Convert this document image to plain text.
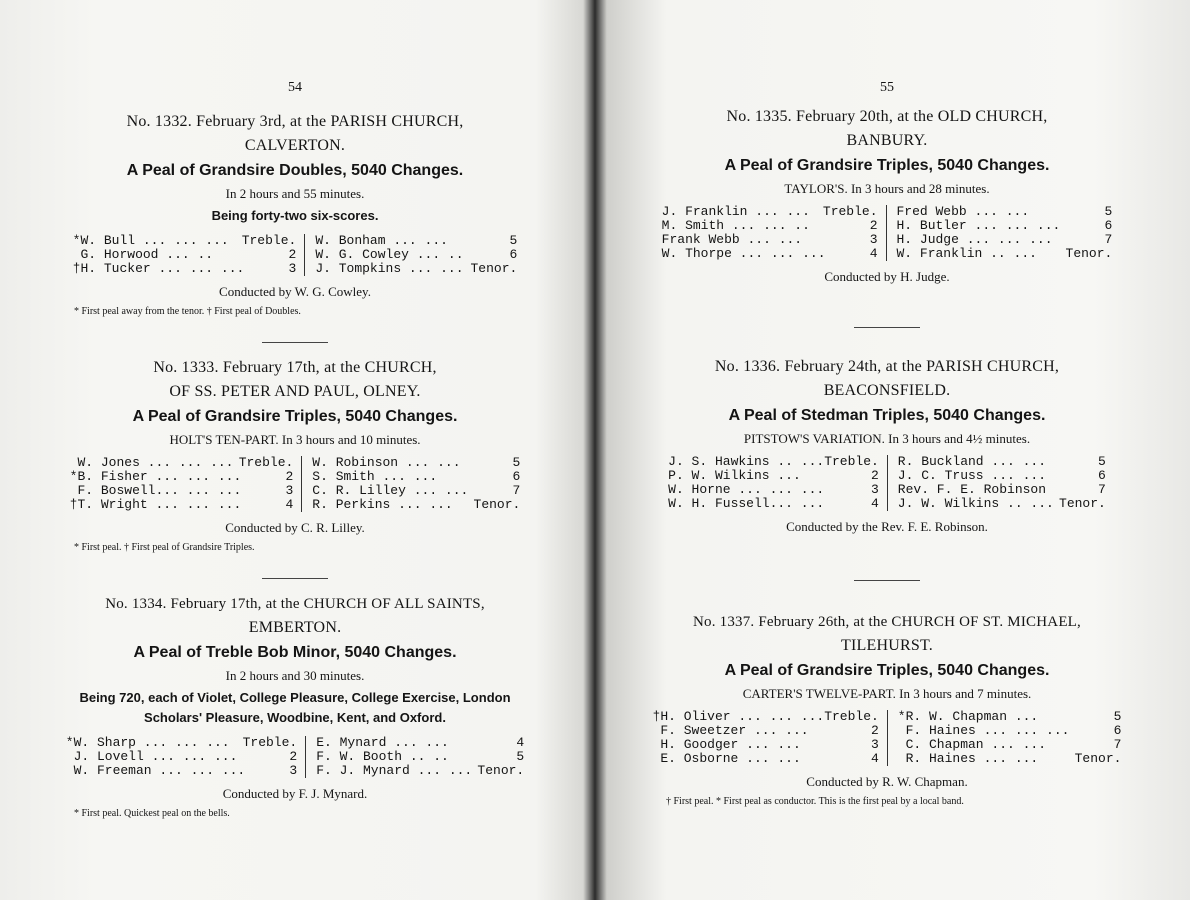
54
No. 1332. February 3rd, at the PARISH CHURCH,
CALVERTON.
A Peal of Grandsire Doubles, 5040 Changes.
In 2 hours and 55 minutes.
Being forty-two six-scores.
*W. Bull ... ... ... Treble.
G. Horwood ... ..	2
†H. Tucker ... ... ...	3
W. Bonham ... ...	5
W. G. Cowley ... ..	6
J. Tompkins ... ... Tenor.
Conducted by W. G. Cowley.
* First peal away from the tenor. † First peal of Doubles.
No. 1333. February 17th, at the CHURCH,
OF SS. PETER AND PAUL, OLNEY.
A Peal of Grandsire Triples, 5040 Changes.
HOLT'S TEN-PART. In 3 hours and 10 minutes.
W. Jones ... ... ... Treble.
*B. Fisher ... ... ...	2
F. Boswell... ... ...	3
†T. Wright ... ... ...	4
W. Robinson ... ...	5
S. Smith ... ...	6
C. R. Lilley ... ...	7
R. Perkins ... ...	Tenor.
Conducted by C. R. Lilley.
* First peal. † First peal of Grandsire Triples.
No. 1334. February 17th, at the CHURCH OF ALL SAINTS,
EMBERTON.
A Peal of Treble Bob Minor, 5040 Changes.
In 2 hours and 30 minutes.
Being 720, each of Violet, College Pleasure, College Exercise, London Scholars' Pleasure, Woodbine, Kent, and Oxford.
*W. Sharp ... ... ... Treble.
J. Lovell ... ... ...	2
W. Freeman ... ... ...	3
E. Mynard ... ...	4
F. W. Booth .. ..	5
F. J. Mynard ... ... Tenor.
Conducted by F. J. Mynard.
* First peal. Quickest peal on the bells.
55
No. 1335. February 20th, at the OLD CHURCH,
BANBURY.
A Peal of Grandsire Triples, 5040 Changes.
TAYLOR'S. In 3 hours and 28 minutes.
J. Franklin ... ... Treble.
M. Smith ... ... ..	2
Frank Webb ... ...	3
W. Thorpe ... ... ...	4
Fred Webb ... ...	5
H. Butler ... ... ...	6
H. Judge ... ... ...	7
W. Franklin .. ...	Tenor.
Conducted by H. Judge.
No. 1336. February 24th, at the PARISH CHURCH,
BEACONSFIELD.
A Peal of Stedman Triples, 5040 Changes.
PITSTOW'S VARIATION. In 3 hours and 4½ minutes.
J. S. Hawkins .. ... Treble.
P. W. Wilkins ...	2
W. Horne ... ... ...	3
W. H. Fussell... ...	4
R. Buckland ... ...	5
J. C. Truss ... ...	6
Rev. F. E. Robinson	7
J. W. Wilkins .. ... Tenor.
Conducted by the Rev. F. E. Robinson.
No. 1337. February 26th, at the CHURCH OF ST. MICHAEL,
TILEHURST.
A Peal of Grandsire Triples, 5040 Changes.
CARTER'S TWELVE-PART. In 3 hours and 7 minutes.
†H. Oliver ... ... ... Treble.
F. Sweetzer ... ...	2
H. Goodger ... ...	3
E. Osborne ... ...	4
*R. W. Chapman ...	5
F. Haines ... ... ...	6
C. Chapman ... ...	7
R. Haines ... ...	Tenor.
Conducted by R. W. Chapman.
† First peal. * First peal as conductor. This is the first peal by a local band.
